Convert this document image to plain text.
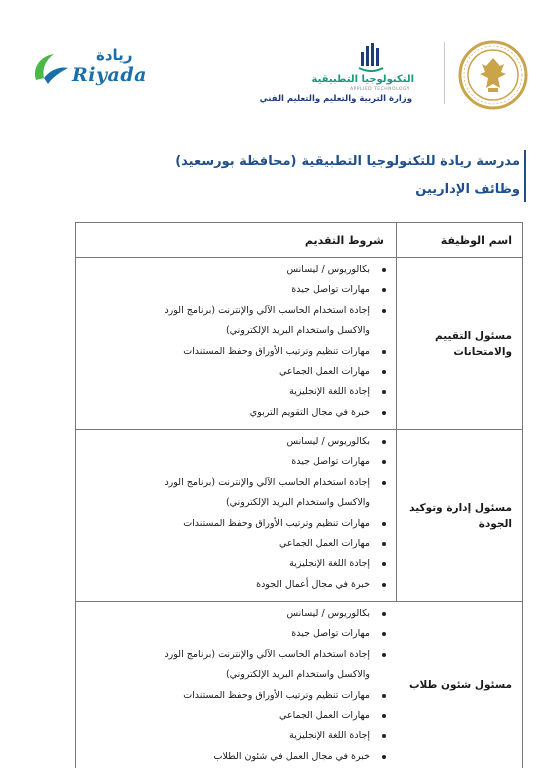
ريادة
Riyada	التكنولوجيا التطبيقية
APPLIED TECHNOLOGY
وزارة التربية والتعليم والتعليم الفني
مدرسة ريادة للتكنولوجيا التطبيقية (محافظة بورسعيد)
وظائف الإداريين
اسم الوظيفة
شروط التقديم
مسئول التقييم
والامتحانات
بكالوريوس / ليسانس
مهارات تواصل جيدة
إجادة استخدام الحاسب الآلي والإنترنت (برنامج الورد
والاكسل واستخدام البريد الإلكتروني)
مهارات تنظيم وترتيب الأوراق وحفظ المستندات
مهارات العمل الجماعي
إجادة اللغة الإنجليزية
خبرة في مجال التقويم التربوي
مسئول إدارة وتوكيد
الجودة
بكالوريوس / ليسانس
مهارات تواصل جيدة
إجادة استخدام الحاسب الآلي والإنترنت (برنامج الورد
والاكسل واستخدام البريد الإلكتروني)
مهارات تنظيم وترتيب الأوراق وحفظ المستندات
مهارات العمل الجماعي
إجادة اللغة الإنجليزية
خبرة في مجال أعمال الجودة
مسئول شئون طلاب
بكالوريوس / ليسانس
مهارات تواصل جيدة
إجادة استخدام الحاسب الآلي والإنترنت (برنامج الورد
والاكسل واستخدام البريد الإلكتروني)
مهارات تنظيم وترتيب الأوراق وحفظ المستندات
مهارات العمل الجماعي
إجادة اللغة الإنجليزية
خبرة في مجال العمل في شئون الطلاب
